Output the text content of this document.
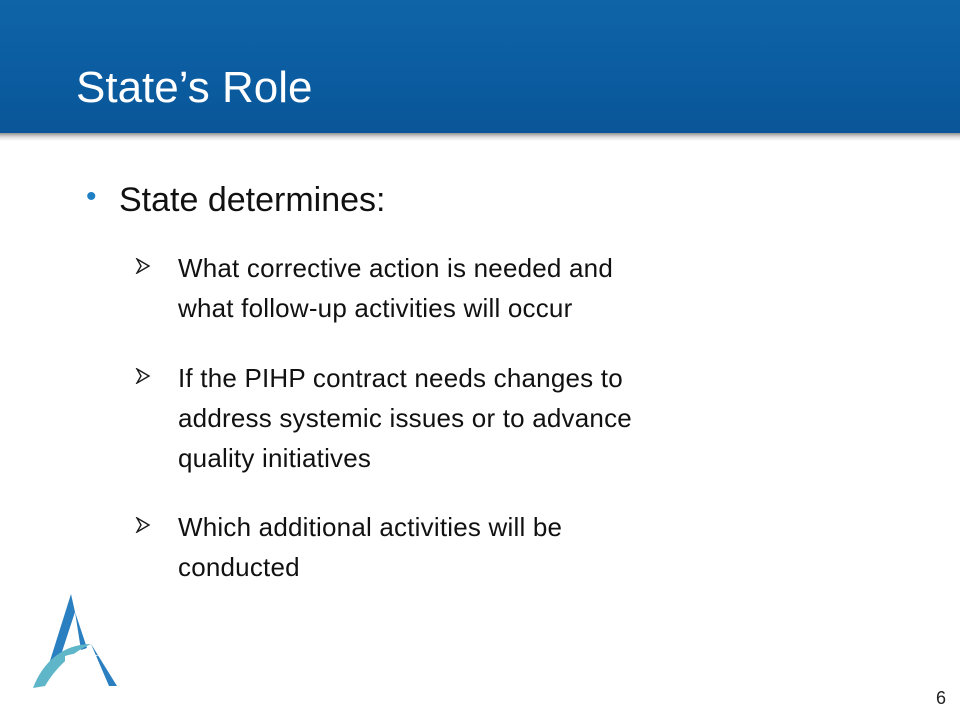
State’s Role
• State determines:
What corrective action is needed and
what follow-up activities will occur
If the PIHP contract needs changes to
address systemic issues or to advance
quality initiatives
Which additional activities will be
conducted
6
